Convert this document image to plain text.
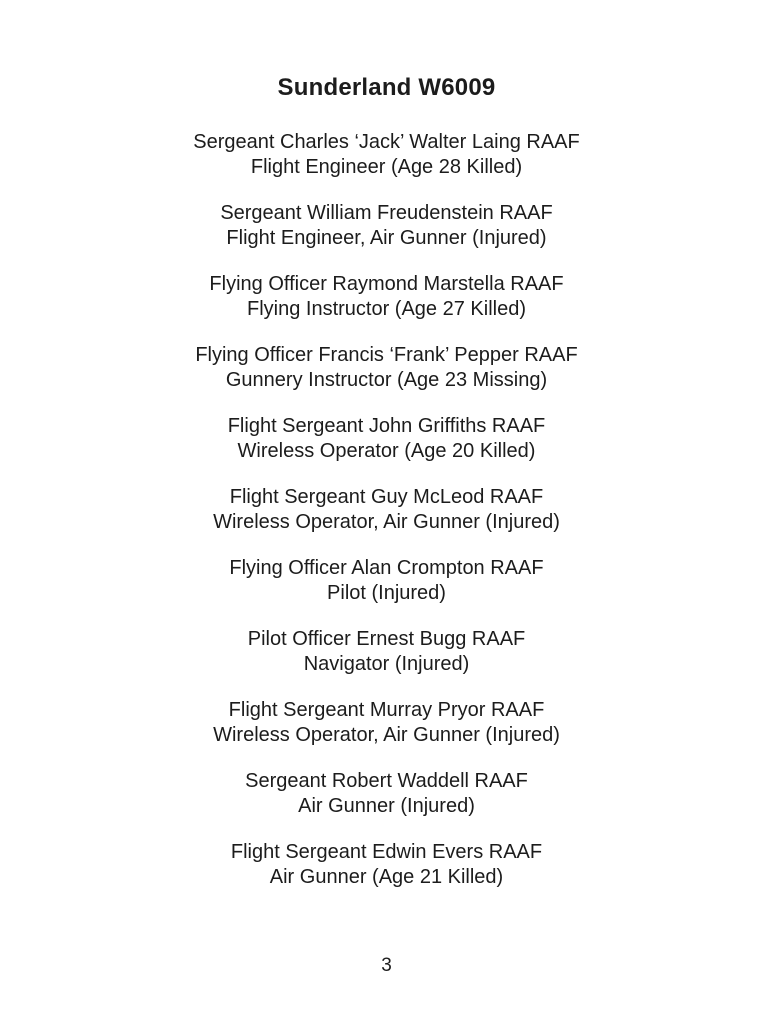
Sunderland W6009
Sergeant Charles ‘Jack’ Walter Laing RAAF
Flight Engineer (Age 28 Killed)
Sergeant William Freudenstein RAAF
Flight Engineer, Air Gunner (Injured)
Flying Officer Raymond Marstella RAAF
Flying Instructor (Age 27 Killed)
Flying Officer Francis ‘Frank’ Pepper RAAF
Gunnery Instructor (Age 23 Missing)
Flight Sergeant John Griffiths RAAF
Wireless Operator (Age 20 Killed)
Flight Sergeant Guy McLeod RAAF
Wireless Operator, Air Gunner (Injured)
Flying Officer Alan Crompton RAAF
Pilot (Injured)
Pilot Officer Ernest Bugg RAAF
Navigator (Injured)
Flight Sergeant Murray Pryor RAAF
Wireless Operator, Air Gunner (Injured)
Sergeant Robert Waddell RAAF
Air Gunner (Injured)
Flight Sergeant Edwin Evers RAAF
Air Gunner (Age 21 Killed)
3
